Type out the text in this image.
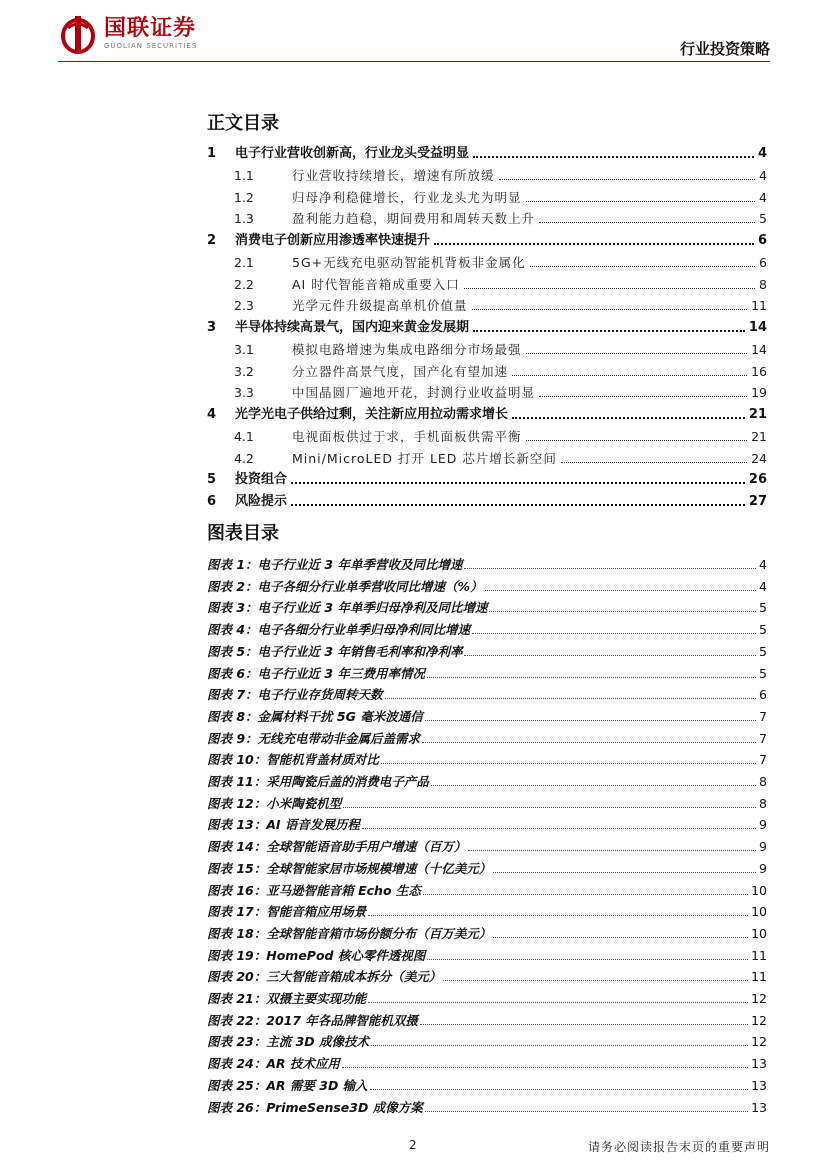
国联证券
GUOLIAN SECURITIES	行业投资策略
正文目录
1	电子行业营收创新高，行业龙头受益明显	4
1.1	行业营收持续增长，增速有所放缓	4
1.2	归母净利稳健增长，行业龙头尤为明显	4
1.3	盈利能力趋稳，期间费用和周转天数上升	5
2	消费电子创新应用渗透率快速提升	6
2.1	5G+无线充电驱动智能机背板非金属化	6
2.2	AI 时代智能音箱成重要入口	8
2.3	光学元件升级提高单机价值量	11
3	半导体持续高景气，国内迎来黄金发展期	14
3.1	模拟电路增速为集成电路细分市场最强	14
3.2	分立器件高景气度，国产化有望加速	16
3.3	中国晶圆厂遍地开花，封测行业收益明显	19
4	光学光电子供给过剩，关注新应用拉动需求增长	21
4.1	电视面板供过于求，手机面板供需平衡	21
4.2	Mini/MicroLED 打开 LED 芯片增长新空间	24
5	投资组合	26
6	风险提示	27
图表目录
图表 1：电子行业近 3 年单季营收及同比增速	4
图表 2：电子各细分行业单季营收同比增速（%）	4
图表 3：电子行业近 3 年单季归母净利及同比增速	5
图表 4：电子各细分行业单季归母净利同比增速	5
图表 5：电子行业近 3 年销售毛利率和净利率	5
图表 6：电子行业近 3 年三费用率情况	5
图表 7：电子行业存货周转天数	6
图表 8：金属材料干扰 5G 毫米波通信	7
图表 9：无线充电带动非金属后盖需求	7
图表 10：智能机背盖材质对比	7
图表 11：采用陶瓷后盖的消费电子产品	8
图表 12：小米陶瓷机型	8
图表 13：AI 语音发展历程	9
图表 14：全球智能语音助手用户增速（百万）	9
图表 15：全球智能家居市场规模增速（十亿美元）	9
图表 16：亚马逊智能音箱 Echo 生态	10
图表 17：智能音箱应用场景	10
图表 18：全球智能音箱市场份额分布（百万美元）	10
图表 19：HomePod 核心零件透视图	11
图表 20：三大智能音箱成本拆分（美元）	11
图表 21：双摄主要实现功能	12
图表 22：2017 年各品牌智能机双摄	12
图表 23：主流 3D 成像技术	12
图表 24：AR 技术应用	13
图表 25：AR 需要 3D 输入	13
图表 26：PrimeSense3D 成像方案	13
2	请务必阅读报告末页的重要声明
